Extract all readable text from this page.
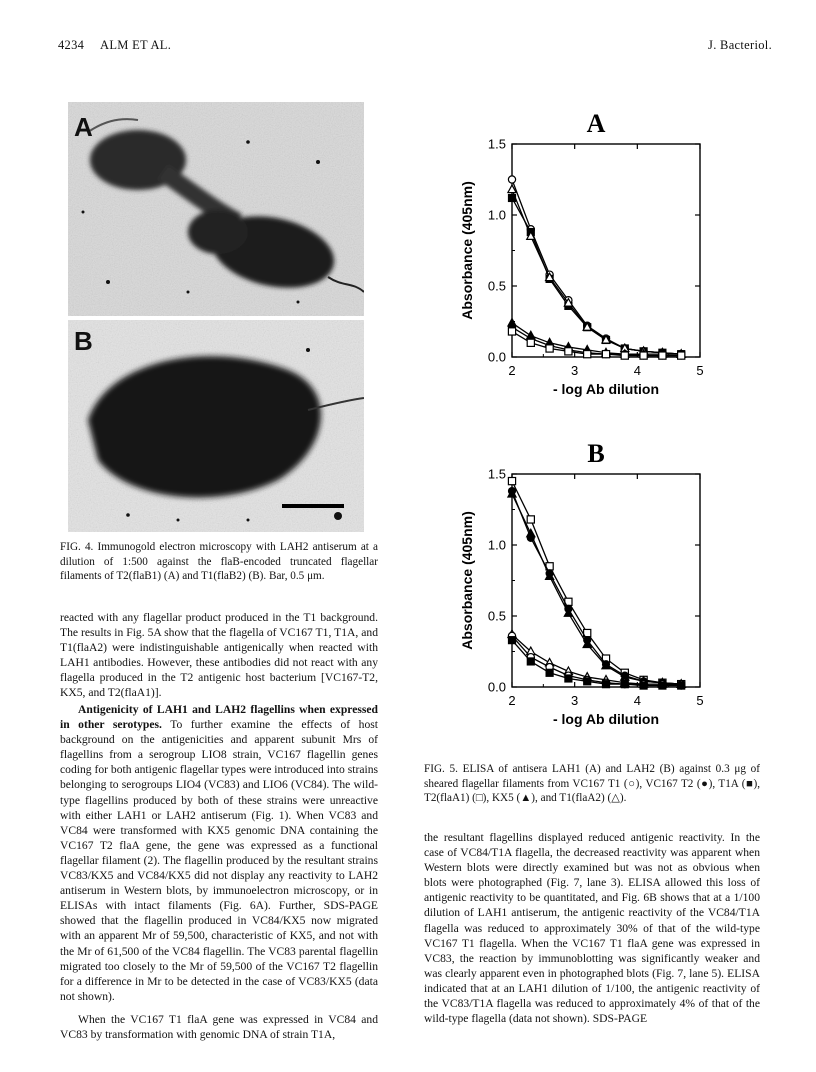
4234 ALM ET AL.	J. Bacteriol.
A
B

FIG. 4. Immunogold electron microscopy with LAH2 antiserum at a dilution of 1:500 against the flaB-encoded truncated flagellar filaments of T2(flaB1) (A) and T1(flaB2) (B). Bar, 0.5 μm.

reacted with any flagellar product produced in the T1 background. The results in Fig. 5A show that the flagella of VC167 T1, T1A, and T1(flaA2) were indistinguishable antigenically when reacted with LAH1 antibodies. However, these antibodies did not react with any flagella produced in the T2 antigenic host bacterium [VC167-T2, KX5, and T2(flaA1)].

Antigenicity of LAH1 and LAH2 flagellins when expressed in other serotypes. To further examine the effects of host background on the antigenicities and apparent subunit Mrs of flagellins from a serogroup LIO8 strain, VC167 flagellin genes coding for both antigenic flagellar types were introduced into strains belonging to serogroups LIO4 (VC83) and LIO6 (VC84). The wild-type flagellins produced by both of these strains were unreactive with either LAH1 or LAH2 antiserum (Fig. 1). When VC83 and VC84 were transformed with KX5 genomic DNA containing the VC167 T2 flaA gene, the gene was expressed as a functional flagellar filament (2). The flagellin produced by the resultant strains VC83/KX5 and VC84/KX5 did not display any reactivity to LAH2 antiserum in Western blots, by immunoelectron microscopy, or in ELISAs with intact filaments (Fig. 6A). Further, SDS-PAGE showed that the flagellin produced in VC84/KX5 now migrated with an apparent Mr of 59,500, characteristic of KX5, and not with the Mr of 61,500 of the VC84 flagellin. The VC83 parental flagellin migrated too closely to the Mr of 59,500 of the VC167 T2 flagellin for a difference in Mr to be detected in the case of VC83/KX5 (data not shown).

When the VC167 T1 flaA gene was expressed in VC84 and VC83 by transformation with genomic DNA of strain T1A,

A
0.0
0.5
1.0
1.5
2	3	4	5
- log Ab dilution
Absorbance (405nm)
B
0.0
0.5
1.0
1.5
2	3	4	5
- log Ab dilution
Absorbance (405nm)

FIG. 5. ELISA of antisera LAH1 (A) and LAH2 (B) against 0.3 μg of sheared flagellar filaments from VC167 T1 (○), VC167 T2 (●), T1A (■), T2(flaA1) (□), KX5 (▲), and T1(flaA2) (△).

the resultant flagellins displayed reduced antigenic reactivity. In the case of VC84/T1A flagella, the decreased reactivity was apparent when Western blots were directly examined but was not as obvious when blots were photographed (Fig. 7, lane 3). ELISA allowed this loss of antigenic reactivity to be quantitated, and Fig. 6B shows that at a 1/100 dilution of LAH1 antiserum, the antigenic reactivity of the VC84/T1A flagella was reduced to approximately 30% of that of the wild-type VC167 T1 flagella. When the VC167 T1 flaA gene was expressed in VC83, the reaction by immunoblotting was significantly weaker and was clearly apparent even in photographed blots (Fig. 7, lane 5). ELISA indicated that at an LAH1 dilution of 1/100, the antigenic reactivity of the VC83/T1A flagella was reduced to approximately 4% of that of the wild-type flagella (data not shown). SDS-PAGE
